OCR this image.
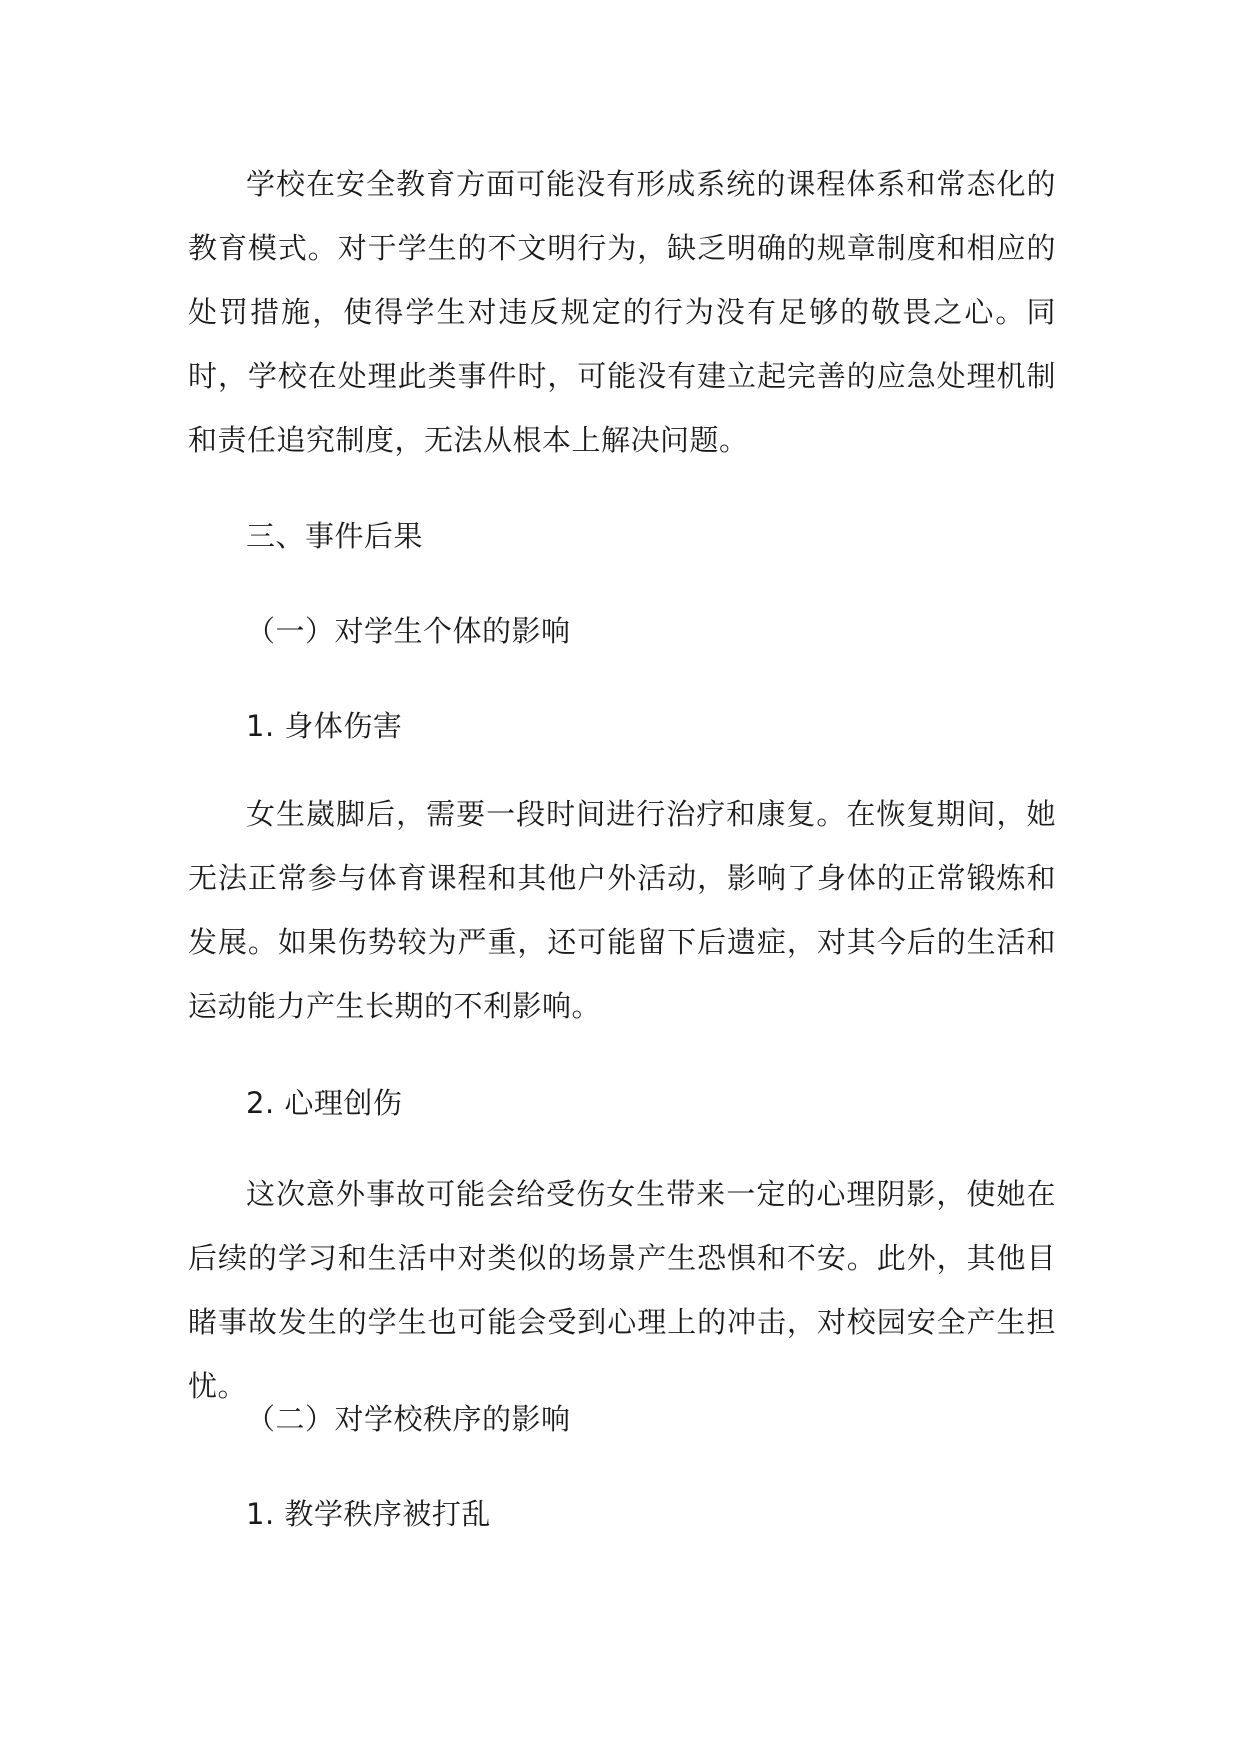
学校在安全教育方面可能没有形成系统的课程体系和常态化的教育模式。对于学生的不文明行为，缺乏明确的规章制度和相应的处罚措施，使得学生对违反规定的行为没有足够的敬畏之心。同时，学校在处理此类事件时，可能没有建立起完善的应急处理机制和责任追究制度，无法从根本上解决问题。

三、事件后果
（一）对学生个体的影响
1. 身体伤害

女生崴脚后，需要一段时间进行治疗和康复。在恢复期间，她无法正常参与体育课程和其他户外活动，影响了身体的正常锻炼和发展。如果伤势较为严重，还可能留下后遗症，对其今后的生活和运动能力产生长期的不利影响。

2. 心理创伤

这次意外事故可能会给受伤女生带来一定的心理阴影，使她在后续的学习和生活中对类似的场景产生恐惧和不安。此外，其他目睹事故发生的学生也可能会受到心理上的冲击，对校园安全产生担忧。

（二）对学校秩序的影响
1. 教学秩序被打乱
